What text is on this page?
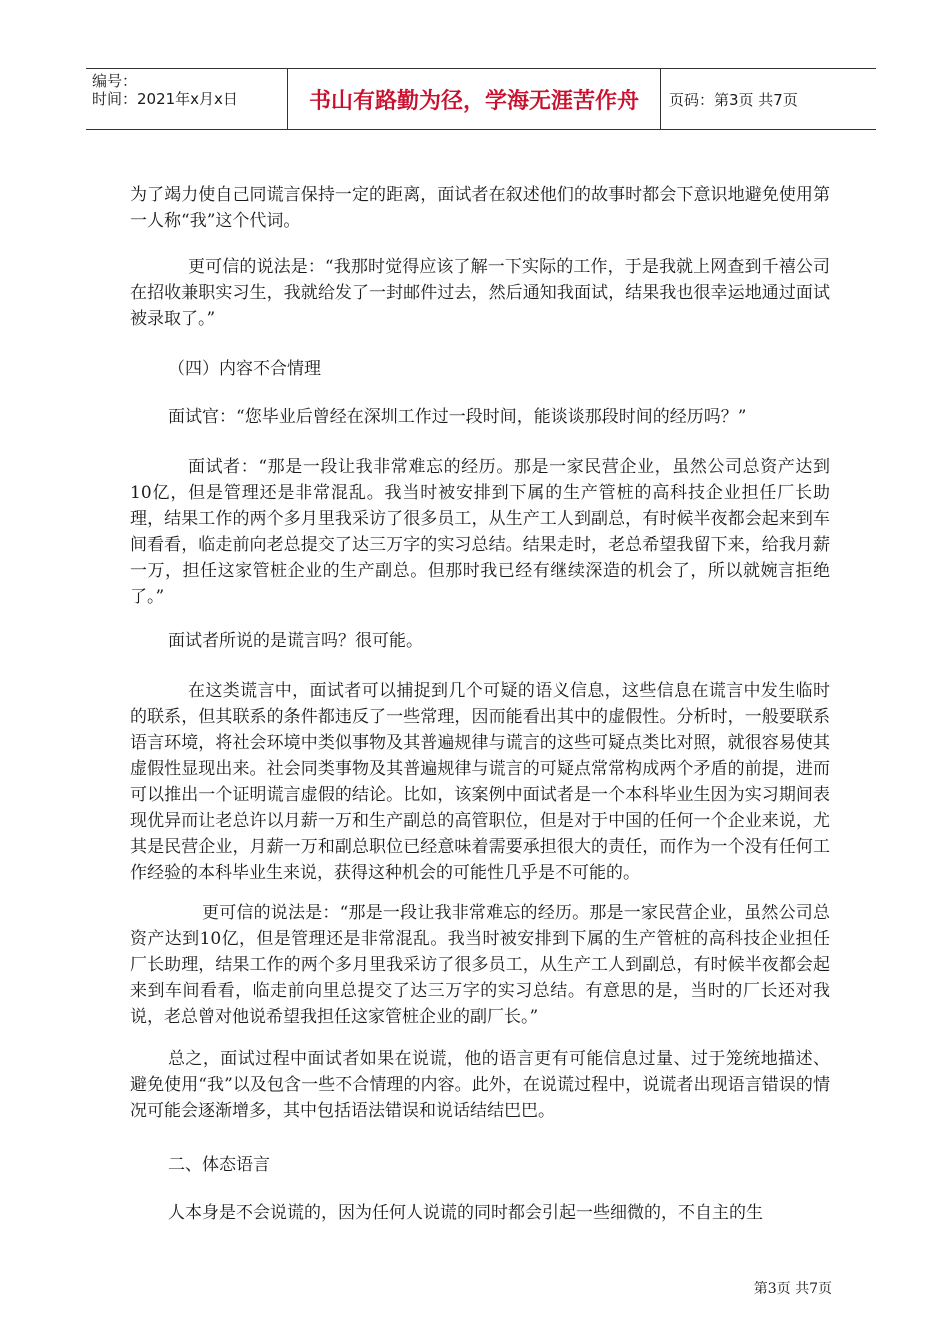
编号：
时间：2021年x月x日	书山有路勤为径，学海无涯苦作舟	页码：第3页 共7页

为了竭力使自己同谎言保持一定的距离，面试者在叙述他们的故事时都会下意识地避免使用第一人称“我”这个代词。

更可信的说法是：“我那时觉得应该了解一下实际的工作，于是我就上网查到千禧公司在招收兼职实习生，我就给发了一封邮件过去，然后通知我面试，结果我也很幸运地通过面试被录取了。”

（四）内容不合情理

面试官：“您毕业后曾经在深圳工作过一段时间，能谈谈那段时间的经历吗？”

面试者：“那是一段让我非常难忘的经历。那是一家民营企业，虽然公司总资产达到10亿，但是管理还是非常混乱。我当时被安排到下属的生产管桩的高科技企业担任厂长助理，结果工作的两个多月里我采访了很多员工，从生产工人到副总，有时候半夜都会起来到车间看看，临走前向老总提交了达三万字的实习总结。结果走时，老总希望我留下来，给我月薪一万，担任这家管桩企业的生产副总。但那时我已经有继续深造的机会了，所以就婉言拒绝了。”

面试者所说的是谎言吗？很可能。

在这类谎言中，面试者可以捕捉到几个可疑的语义信息，这些信息在谎言中发生临时的联系，但其联系的条件都违反了一些常理，因而能看出其中的虚假性。分析时，一般要联系语言环境，将社会环境中类似事物及其普遍规律与谎言的这些可疑点类比对照，就很容易使其虚假性显现出来。社会同类事物及其普遍规律与谎言的可疑点常常构成两个矛盾的前提，进而可以推出一个证明谎言虚假的结论。比如，该案例中面试者是一个本科毕业生因为实习期间表现优异而让老总许以月薪一万和生产副总的高管职位，但是对于中国的任何一个企业来说，尤其是民营企业，月薪一万和副总职位已经意味着需要承担很大的责任，而作为一个没有任何工作经验的本科毕业生来说，获得这种机会的可能性几乎是不可能的。

更可信的说法是：“那是一段让我非常难忘的经历。那是一家民营企业，虽然公司总资产达到10亿，但是管理还是非常混乱。我当时被安排到下属的生产管桩的高科技企业担任厂长助理，结果工作的两个多月里我采访了很多员工，从生产工人到副总，有时候半夜都会起来到车间看看，临走前向里总提交了达三万字的实习总结。有意思的是，当时的厂长还对我说，老总曾对他说希望我担任这家管桩企业的副厂长。”

总之，面试过程中面试者如果在说谎，他的语言更有可能信息过量、过于笼统地描述、避免使用“我”以及包含一些不合情理的内容。此外，在说谎过程中，说谎者出现语言错误的情况可能会逐渐增多，其中包括语法错误和说话结结巴巴。

二、体态语言

人本身是不会说谎的，因为任何人说谎的同时都会引起一些细微的，不自主的生

第3页 共7页
